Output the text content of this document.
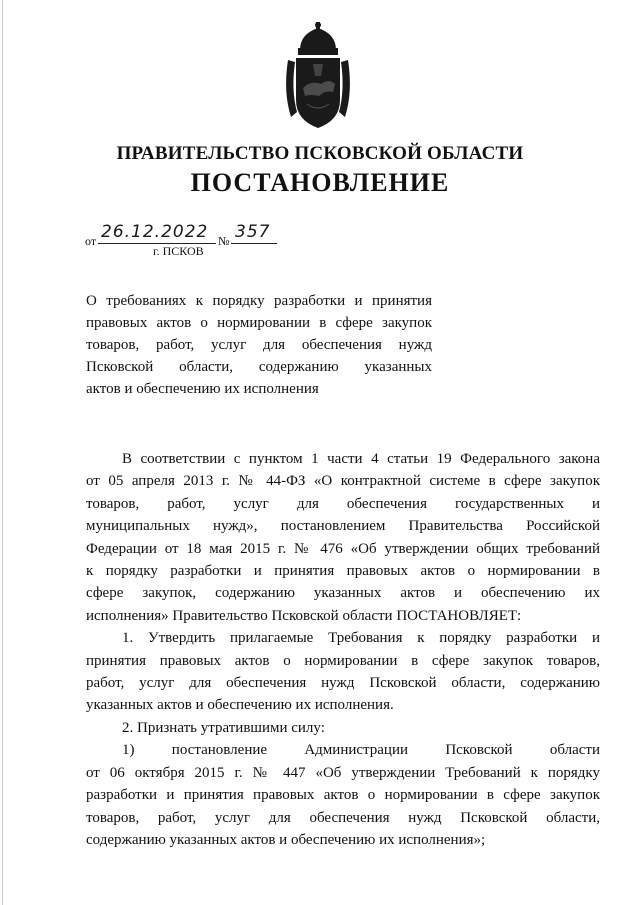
ПРАВИТЕЛЬСТВО ПСКОВСКОЙ ОБЛАСТИ
ПОСТАНОВЛЕНИЕ
от 26.12.2022 № 357
г. ПСКОВ
О требованиях к порядку разработки и принятия
правовых актов о нормировании в сфере закупок
товаров, работ, услуг для обеспечения нужд
Псковской области, содержанию указанных
актов и обеспечению их исполнения
В соответствии с пунктом 1 части 4 статьи 19 Федерального закона
от 05 апреля 2013 г. № 44-ФЗ «О контрактной системе в сфере закупок
товаров, работ, услуг для обеспечения государственных и
муниципальных нужд», постановлением Правительства Российской
Федерации от 18 мая 2015 г. № 476 «Об утверждении общих требований
к порядку разработки и принятия правовых актов о нормировании в
сфере закупок, содержанию указанных актов и обеспечению их
исполнения» Правительство Псковской области ПОСТАНОВЛЯЕТ:
1. Утвердить прилагаемые Требования к порядку разработки и
принятия правовых актов о нормировании в сфере закупок товаров,
работ, услуг для обеспечения нужд Псковской области, содержанию
указанных актов и обеспечению их исполнения.
2. Признать утратившими силу:
1) постановление Администрации Псковской области
от 06 октября 2015 г. № 447 «Об утверждении Требований к порядку
разработки и принятия правовых актов о нормировании в сфере закупок
товаров, работ, услуг для обеспечения нужд Псковской области,
содержанию указанных актов и обеспечению их исполнения»;
